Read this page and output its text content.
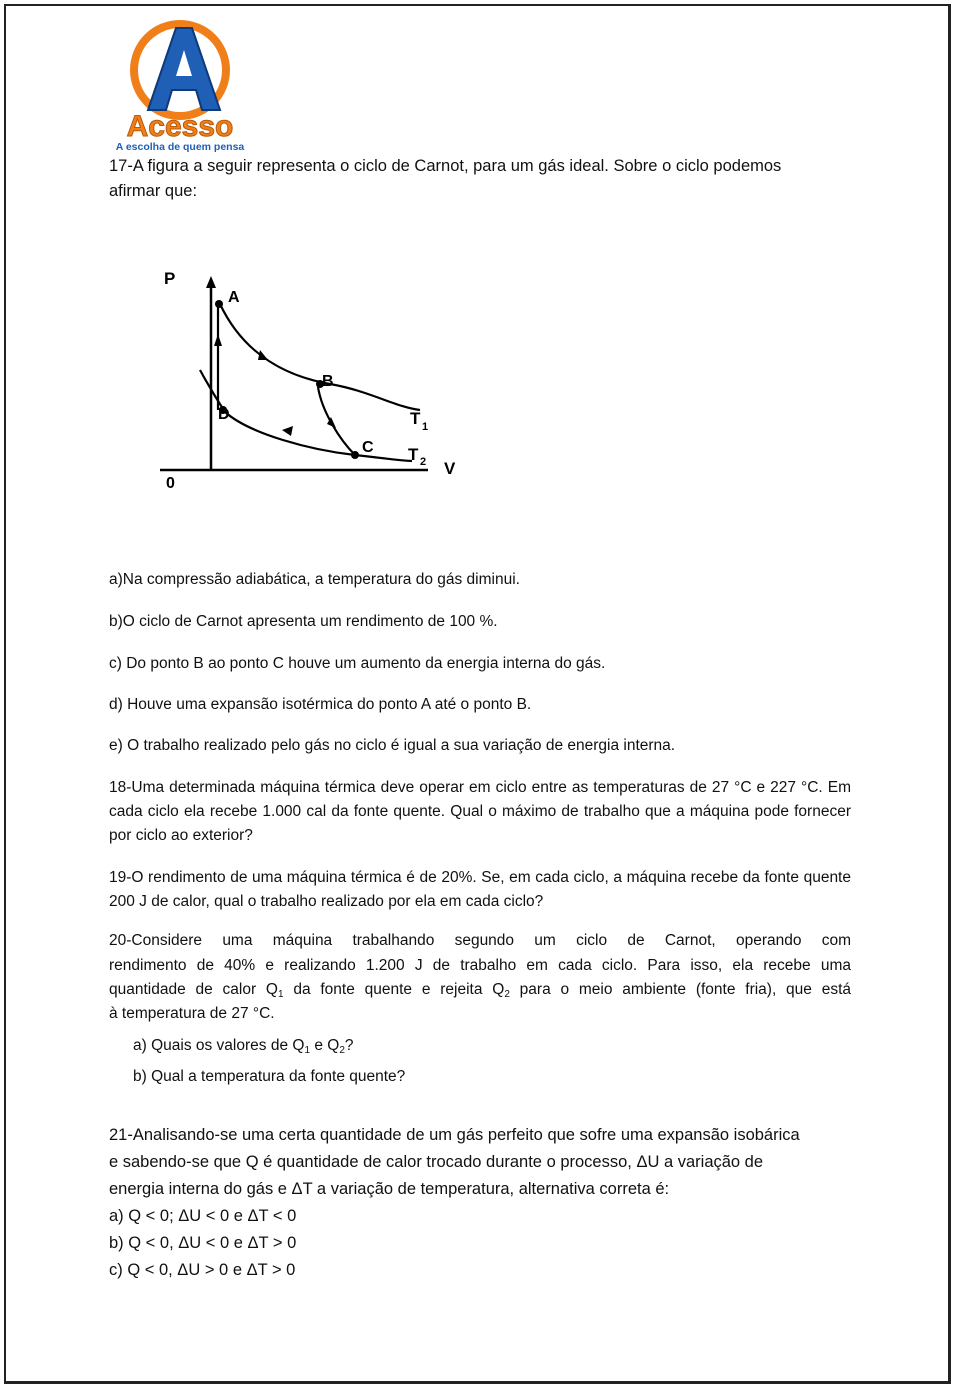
Acesso
A escolha de quem pensa

17-A figura a seguir representa o ciclo de Carnot, para um gás ideal. Sobre o ciclo podemos

afirmar que:

P
V
0
A
B
C
D	T 1
T 2

a)Na compressão adiabática, a temperatura do gás diminui.

b)O ciclo de Carnot apresenta um rendimento de 100 %.

c) Do ponto B ao ponto C houve um aumento da energia interna do gás.

d) Houve uma expansão isotérmica do ponto A até o ponto B.

e) O trabalho realizado pelo gás no ciclo é igual a sua variação de energia interna.

18-Uma determinada máquina térmica deve operar em ciclo entre as temperaturas de 27 °C e 227 °C. Em cada ciclo ela recebe 1.000 cal da fonte quente. Qual o máximo de trabalho que a máquina pode fornecer por ciclo ao exterior?

19-O rendimento de uma máquina térmica é de 20%. Se, em cada ciclo, a máquina recebe da fonte quente 200 J de calor, qual o trabalho realizado por ela em cada ciclo?

20-Considere uma máquina trabalhando segundo um ciclo de Carnot, operando com

rendimento de 40% e realizando 1.200 J de trabalho em cada ciclo. Para isso, ela recebe uma

quantidade de calor $Q_1$ da fonte quente e rejeita $Q_2$ para o meio ambiente (fonte fria), que está

à temperatura de 27 °C.

a) Quais os valores de $Q_1$ e $Q_2$?

b) Qual a temperatura da fonte quente?

21-Analisando-se uma certa quantidade de um gás perfeito que sofre uma expansão isobárica

e sabendo-se que Q é quantidade de calor trocado durante o processo, ΔU a variação de

energia interna do gás e ΔT a variação de temperatura, alternativa correta é:

a) Q < 0; ΔU < 0 e ΔT < 0

b) Q < 0, ΔU < 0 e ΔT > 0

c) Q < 0, ΔU > 0 e ΔT > 0
